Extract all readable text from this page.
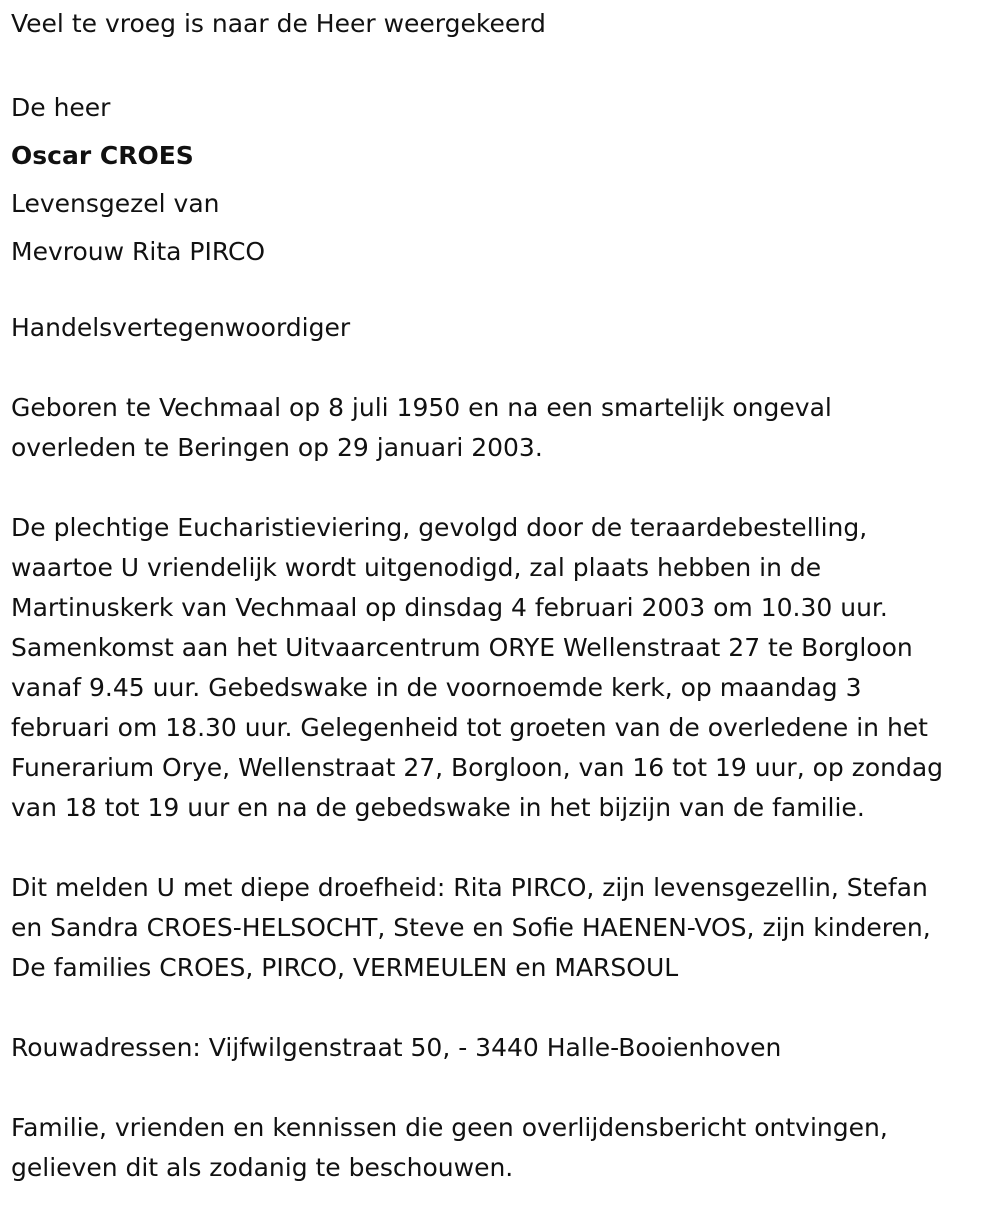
Veel te vroeg is naar de Heer weergekeerd
De heer
Oscar CROES
Levensgezel van
Mevrouw Rita PIRCO
Handelsvertegenwoordiger
Geboren te Vechmaal op 8 juli 1950 en na een smartelijk ongeval
overleden te Beringen op 29 januari 2003.
De plechtige Eucharistieviering, gevolgd door de teraardebestelling,
waartoe U vriendelijk wordt uitgenodigd, zal plaats hebben in de
Martinuskerk van Vechmaal op dinsdag 4 februari 2003 om 10.30 uur.
Samenkomst aan het Uitvaarcentrum ORYE Wellenstraat 27 te Borgloon
vanaf 9.45 uur. Gebedswake in de voornoemde kerk, op maandag 3
februari om 18.30 uur. Gelegenheid tot groeten van de overledene in het
Funerarium Orye, Wellenstraat 27, Borgloon, van 16 tot 19 uur, op zondag
van 18 tot 19 uur en na de gebedswake in het bijzijn van de familie.
Dit melden U met diepe droefheid: Rita PIRCO, zijn levensgezellin, Stefan
en Sandra CROES-HELSOCHT, Steve en Sofie HAENEN-VOS, zijn kinderen,
De families CROES, PIRCO, VERMEULEN en MARSOUL
Rouwadressen: Vijfwilgenstraat 50, - 3440 Halle-Booienhoven
Familie, vrienden en kennissen die geen overlijdensbericht ontvingen,
gelieven dit als zodanig te beschouwen.
